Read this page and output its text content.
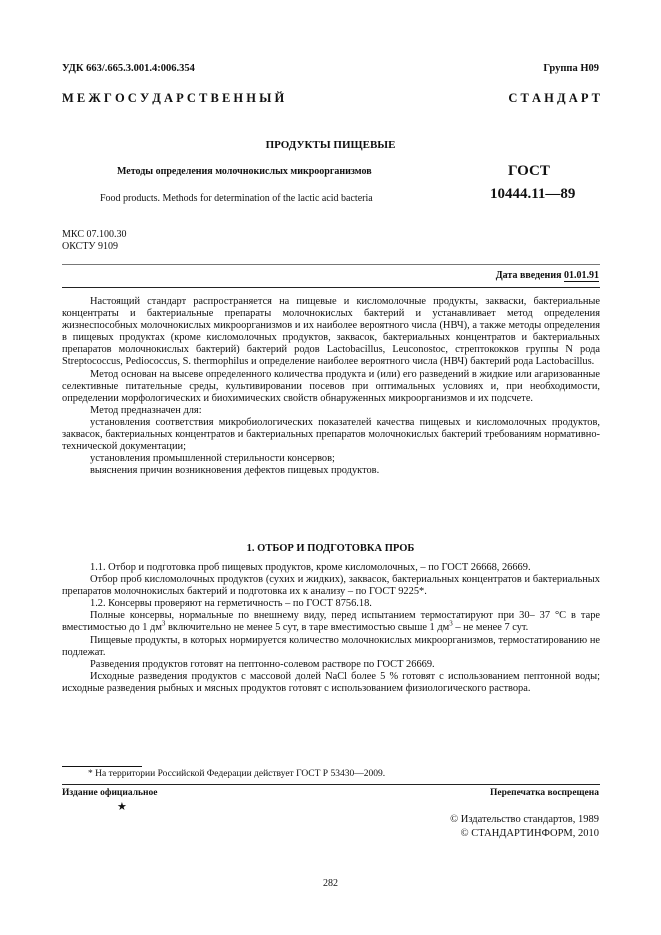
УДК 663/.665.3.001.4:006.354	Группа Н09
М Е Ж Г О С У Д А Р С Т В Е Н Н Ы Й	С Т А Н Д А Р Т
ПРОДУКТЫ ПИЩЕВЫЕ
Методы определения молочнокислых микроорганизмов
Food products. Methods for determination of the lactic acid bacteria
ГОСТ
10444.11—89
МКС 07.100.30
ОКСТУ 9109
Дата введения 01.01.91

Настоящий стандарт распространяется на пищевые и кисломолочные продукты, закваски, бактериальные концентраты и бактериальные препараты молочнокислых бактерий и устанавливает метод определения жизнеспособных молочнокислых микроорганизмов и их наиболее вероятного числа (НВЧ), а также методы определения в пищевых продуктах (кроме кисломолочных продуктов, заквасок, бактериальных концентратов и бактериальных препаратов молочнокислых бактерий) бактерий родов Lactobacillus, Leuconostoc, стрептококков группы N рода Streptococcus, Pediococcus, S. thermophilus и определение наиболее вероятного числа (НВЧ) бактерий рода Lactobacillus.

Метод основан на высеве определенного количества продукта и (или) его разведений в жидкие или агаризованные селективные питательные среды, культивировании посевов при оптимальных условиях и, при необходимости, определении морфологических и биохимических свойств обнаруженных микроорганизмов и их подсчете.

Метод предназначен для:

установления соответствия микробиологических показателей качества пищевых и кисломолочных продуктов, заквасок, бактериальных концентратов и бактериальных препаратов молочнокислых бактерий требованиям нормативно-технической документации;

установления промышленной стерильности консервов;

выяснения причин возникновения дефектов пищевых продуктов.

1. ОТБОР И ПОДГОТОВКА ПРОБ

1.1. Отбор и подготовка проб пищевых продуктов, кроме кисломолочных, – по ГОСТ 26668, 26669.

Отбор проб кисломолочных продуктов (сухих и жидких), заквасок, бактериальных концентратов и бактериальных препаратов молочнокислых бактерий и подготовка их к анализу – по ГОСТ 9225*.

1.2. Консервы проверяют на герметичность – по ГОСТ 8756.18.

Полные консервы, нормальные по внешнему виду, перед испытанием термостатируют при 30– 37 °С в таре вместимостью до 1 $дм^3$ включительно не менее 5 сут, в таре вместимостью свыше 1 $дм^3$ – не менее 7 сут.

Пищевые продукты, в которых нормируется количество молочнокислых микроорганизмов, термостатированию не подлежат.

Разведения продуктов готовят на пептонно-солевом растворе по ГОСТ 26669.

Исходные разведения продуктов с массовой долей NaCl более 5 % готовят с использованием пептонной воды; исходные разведения рыбных и мясных продуктов готовят с использованием физиологического раствора.

* На территории Российской Федерации действует ГОСТ Р 53430—2009.
Издание официальное
★
Перепечатка воспрещена
© Издательство стандартов, 1989
© СТАНДАРТИНФОРМ, 2010
282
